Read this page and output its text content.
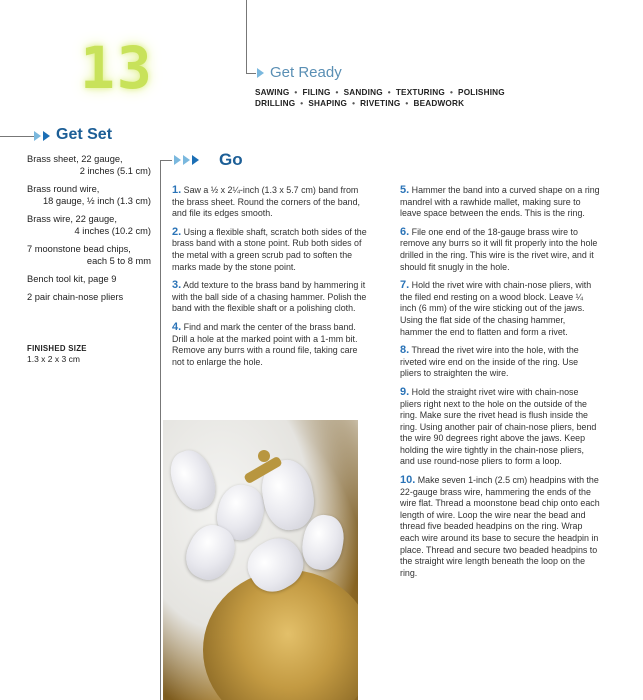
13	Get Ready
SAWING • FILING • SANDING • TEXTURING • POLISHING
DRILLING • SHAPING • RIVETING • BEADWORK
Get Set
Brass sheet, 22 gauge,
2 inches (5.1 cm)
Brass round wire,
18 gauge, ½ inch (1.3 cm)
Brass wire, 22 gauge,
4 inches (10.2 cm)
7 moonstone bead chips,
each 5 to 8 mm
Bench tool kit, page 9
2 pair chain-nose pliers
FINISHED SIZE
1.3 x 2 x 3 cm
Go
1. Saw a ½ x 2¼-inch (1.3 x 5.7 cm) band from the brass sheet. Round the corners of the band, and file its edges smooth.
2. Using a flexible shaft, scratch both sides of the brass band with a stone point. Rub both sides of the metal with a green scrub pad to soften the marks made by the stone point.
3. Add texture to the brass band by hammering it with the ball side of a chasing hammer. Polish the band with the flexible shaft or a polishing cloth.
4. Find and mark the center of the brass band. Drill a hole at the marked point with a 1-mm bit. Remove any burrs with a round file, taking care not to enlarge the hole.
5. Hammer the band into a curved shape on a ring mandrel with a rawhide mallet, making sure to leave space between the ends. This is the ring.
6. File one end of the 18-gauge brass wire to remove any burrs so it will fit properly into the hole drilled in the ring. This wire is the rivet wire, and it should fit snugly in the hole.
7. Hold the rivet wire with chain-nose pliers, with the filed end resting on a wood block. Leave ¼ inch (6 mm) of the wire sticking out of the jaws. Using the flat side of the chasing hammer, hammer the end to flatten and form a rivet.
8. Thread the rivet wire into the hole, with the riveted wire end on the inside of the ring. Use pliers to straighten the wire.
9. Hold the straight rivet wire with chain-nose pliers right next to the hole on the outside of the ring. Make sure the rivet head is flush inside the ring. Using another pair of chain-nose pliers, bend the wire 90 degrees right above the jaws. Keep holding the wire tightly in the chain-nose pliers, and use round-nose pliers to form a loop.
10. Make seven 1-inch (2.5 cm) headpins with the 22-gauge brass wire, hammering the ends of the wire flat. Thread a moonstone bead chip onto each length of wire. Loop the wire near the bead and thread five beaded headpins on the ring. Wrap each wire around its base to secure the headpin in place. Thread and secure two beaded headpins to the straight wire length beneath the loop on the ring.
